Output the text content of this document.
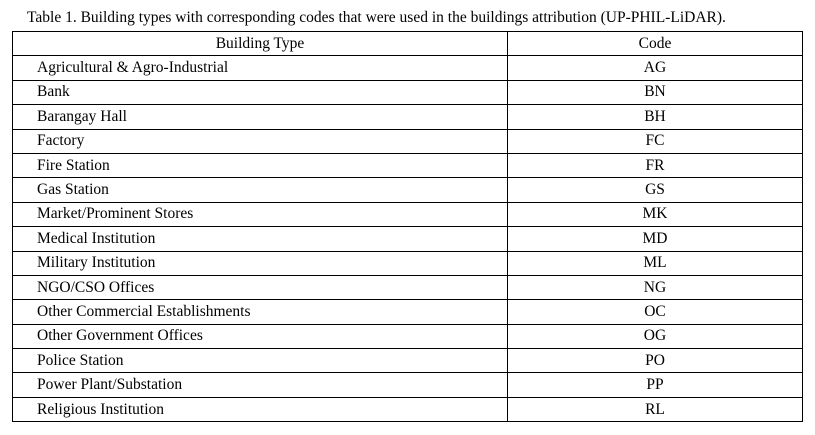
Table 1. Building types with corresponding codes that were used in the buildings attribution (UP-PHIL-LiDAR).
Building Type	Code
Agricultural & Agro-Industrial	AG
Bank	BN
Barangay Hall	BH
Factory	FC
Fire Station	FR
Gas Station	GS
Market/Prominent Stores	MK
Medical Institution	MD
Military Institution	ML
NGO/CSO Offices	NG
Other Commercial Establishments	OC
Other Government Offices	OG
Police Station	PO
Power Plant/Substation	PP
Religious Institution	RL
